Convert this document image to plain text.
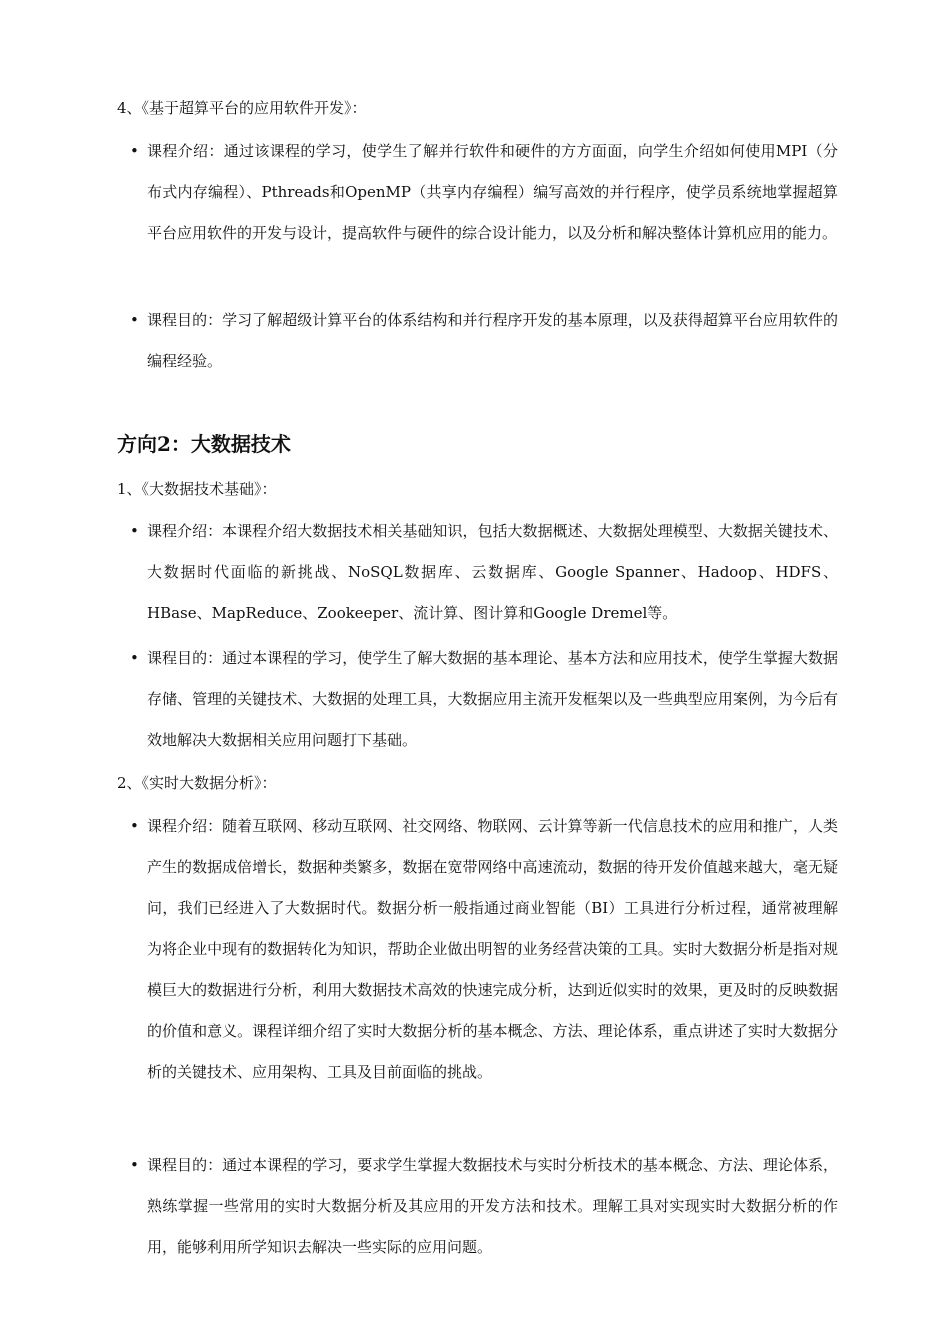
4、《基于超算平台的应用软件开发》：
• 课程介绍：通过该课程的学习，使学生了解并行软件和硬件的方方面面，向学生介绍如何使用MPI（分布式内存编程）、Pthreads和OpenMP（共享内存编程）编写高效的并行程序，使学员系统地掌握超算平台应用软件的开发与设计，提高软件与硬件的综合设计能力，以及分析和解决整体计算机应用的能力。
• 课程目的：学习了解超级计算平台的体系结构和并行程序开发的基本原理，以及获得超算平台应用软件的编程经验。
方向2：大数据技术
1、《大数据技术基础》：
• 课程介绍：本课程介绍大数据技术相关基础知识，包括大数据概述、大数据处理模型、大数据关键技术、大数据时代面临的新挑战、NoSQL数据库、云数据库、Google Spanner、Hadoop、HDFS、HBase、MapReduce、Zookeeper、流计算、图计算和Google Dremel等。
• 课程目的：通过本课程的学习，使学生了解大数据的基本理论、基本方法和应用技术，使学生掌握大数据存储、管理的关键技术、大数据的处理工具，大数据应用主流开发框架以及一些典型应用案例，为今后有效地解决大数据相关应用问题打下基础。
2、《实时大数据分析》：
• 课程介绍：随着互联网、移动互联网、社交网络、物联网、云计算等新一代信息技术的应用和推广，人类产生的数据成倍增长，数据种类繁多，数据在宽带网络中高速流动，数据的待开发价值越来越大，毫无疑问，我们已经进入了大数据时代。数据分析一般指通过商业智能（BI）工具进行分析过程，通常被理解为将企业中现有的数据转化为知识，帮助企业做出明智的业务经营决策的工具。实时大数据分析是指对规模巨大的数据进行分析，利用大数据技术高效的快速完成分析，达到近似实时的效果，更及时的反映数据的价值和意义。课程详细介绍了实时大数据分析的基本概念、方法、理论体系，重点讲述了实时大数据分析的关键技术、应用架构、工具及目前面临的挑战。
• 课程目的：通过本课程的学习，要求学生掌握大数据技术与实时分析技术的基本概念、方法、理论体系，熟练掌握一些常用的实时大数据分析及其应用的开发方法和技术。理解工具对实现实时大数据分析的作用，能够利用所学知识去解决一些实际的应用问题。
